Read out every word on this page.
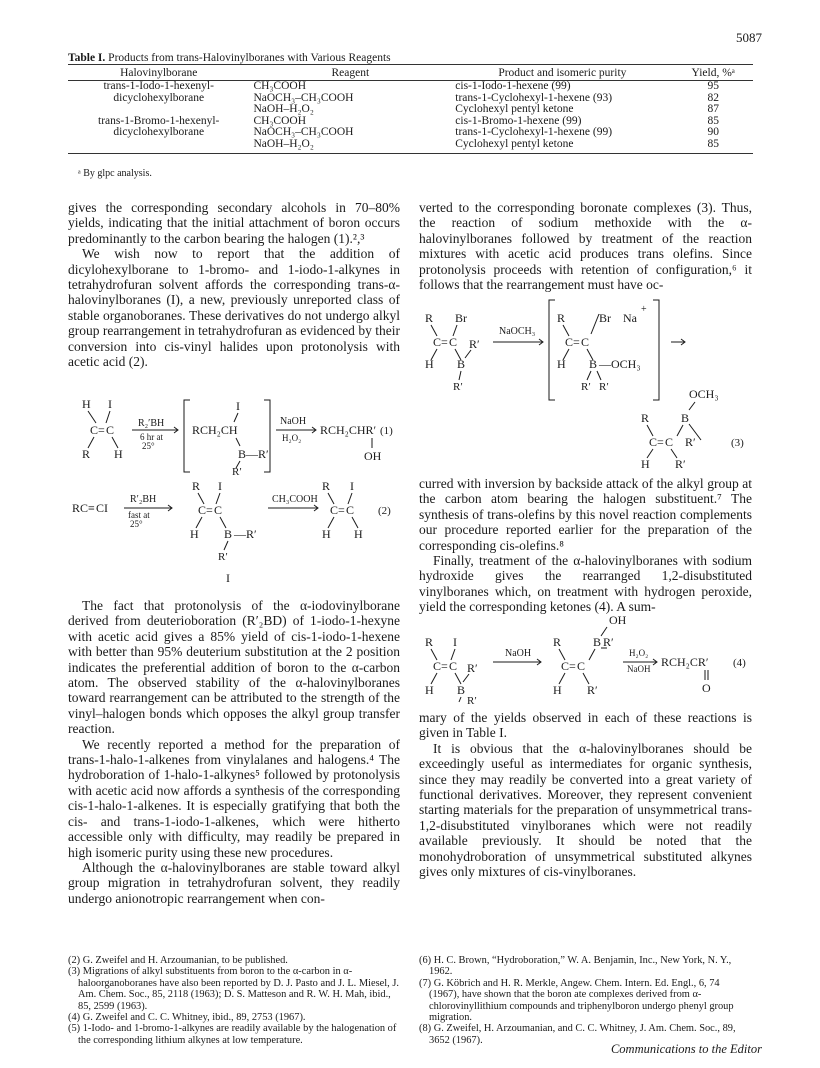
5087
Table I. Products from trans-Halovinylboranes with Various Reagents
Halovinylborane	Reagent	Product and isomeric purity	Yield, %ᵃ
trans-1-Iodo-1-hexenyl-	CH₃COOH	cis-1-Iodo-1-hexene (99)	95
dicyclohexylborane	NaOCH₃–CH₃COOH	trans-1-Cyclohexyl-1-hexene (93)	82
	NaOH–H₂O₂	Cyclohexyl pentyl ketone	87
trans-1-Bromo-1-hexenyl-	CH₃COOH	cis-1-Bromo-1-hexene (99)	85
dicyclohexylborane	NaOCH₃–CH₃COOH	trans-1-Cyclohexyl-1-hexene (99)	90
	NaOH–H₂O₂	Cyclohexyl pentyl ketone	85
ᵃ By glpc analysis.

gives the corresponding secondary alcohols in 70–80% yields, indicating that the initial attachment of boron occurs predominantly to the carbon bearing the halogen (1).²,³

We wish now to report that the addition of dicylohexylborane to 1-bromo- and 1-iodo-1-alkynes in tetrahydrofuran solvent affords the corresponding trans-α-halovinylboranes (I), a new, previously unreported class of stable organoboranes. These derivatives do not undergo alkyl group rearrangement in tetrahydrofuran as evidenced by their conversion into cis-vinyl halides upon protonolysis with acetic acid (2).

H I
C = C
R H
R₂′BH
6 hr at
25°
RCH₂CH
I
B — R′
R′
NaOH
H₂O₂
RCH₂CHR′
OH
(1)
R I	R I
RC ≡ CI
R′₂BH
fast at
25°
C = C
H B — R′
R′
CH₃COOH
C = C
H H
(2)
I

The fact that protonolysis of the α-iodovinylborane derived from deuterioboration (R′₂BD) of 1-iodo-1-hexyne with acetic acid gives a 85% yield of cis-1-iodo-1-hexene with better than 95% deuterium substitution at the 2 position indicates the preferential addition of boron to the α-carbon atom. The observed stability of the α-halovinylboranes toward rearrangement can be attributed to the strength of the vinyl–halogen bonds which opposes the alkyl group transfer reaction.

We recently reported a method for the preparation of trans-1-halo-1-alkenes from vinylalanes and halogens.⁴ The hydroboration of 1-halo-1-alkynes⁵ followed by protonolysis with acetic acid now affords a synthesis of the corresponding cis-1-halo-1-alkenes. It is especially gratifying that both the cis- and trans-1-iodo-1-alkenes, which were hitherto accessible only with difficulty, may readily be prepared in high isomeric purity using these new procedures.

Although the α-halovinylboranes are stable toward alkyl group migration in tetrahydrofuran solvent, they readily undergo anionotropic rearrangement when con-

verted to the corresponding boronate complexes (3). Thus, the reaction of sodium methoxide with the α-halovinylboranes followed by treatment of the reaction mixtures with acetic acid produces trans olefins. Since protonolysis proceeds with retention of configuration,⁶ it follows that the rearrangement must have oc-

R Br
C = C
H B
R′
R′
NaOCH₃
R	Br Na
+
C = C
H B — OCH₃
R′ R′	OCH₃
R	B
C = C R′
H R′
(3)

curred with inversion by backside attack of the alkyl group at the carbon atom bearing the halogen substituent.⁷ The synthesis of trans-olefins by this novel reaction complements our procedure reported earlier for the preparation of the corresponding cis-olefins.⁸

Finally, treatment of the α-halovinylboranes with sodium hydroxide gives the rearranged 1,2-disubstituted vinylboranes which, on treatment with hydrogen peroxide, yield the corresponding ketones (4). A sum-

R I
C = C
H B
R′
R′
NaOH
OH
R	B
C = C
R′
H R′
H₂O₂
NaOH RCH₂CR′
O
(4)

mary of the yields observed in each of these reactions is given in Table I.

It is obvious that the α-halovinylboranes should be exceedingly useful as intermediates for organic synthesis, since they may readily be converted into a great variety of functional derivatives. Moreover, they represent convenient starting materials for the preparation of unsymmetrical trans-1,2-disubstituted vinylboranes which were not readily available previously. It should be noted that the monohydroboration of unsymmetrical substituted alkynes gives only mixtures of cis-vinylboranes.

(2) G. Zweifel and H. Arzoumanian, to be published.

(3) Migrations of alkyl substituents from boron to the α-carbon in α-haloorganoboranes have also been reported by D. J. Pasto and J. L. Miesel, J. Am. Chem. Soc., 85, 2118 (1963); D. S. Matteson and R. W. H. Mah, ibid., 85, 2599 (1963).

(4) G. Zweifel and C. C. Whitney, ibid., 89, 2753 (1967).

(5) 1-Iodo- and 1-bromo-1-alkynes are readily available by the halogenation of the corresponding lithium alkynes at low temperature.

(6) H. C. Brown, “Hydroboration,” W. A. Benjamin, Inc., New York, N. Y., 1962.

(7) G. Köbrich and H. R. Merkle, Angew. Chem. Intern. Ed. Engl., 6, 74 (1967), have shown that the boron ate complexes derived from α-chlorovinyllithium compounds and triphenylboron undergo phenyl group migration.

(8) G. Zweifel, H. Arzoumanian, and C. C. Whitney, J. Am. Chem. Soc., 89, 3652 (1967).

Communications to the Editor
